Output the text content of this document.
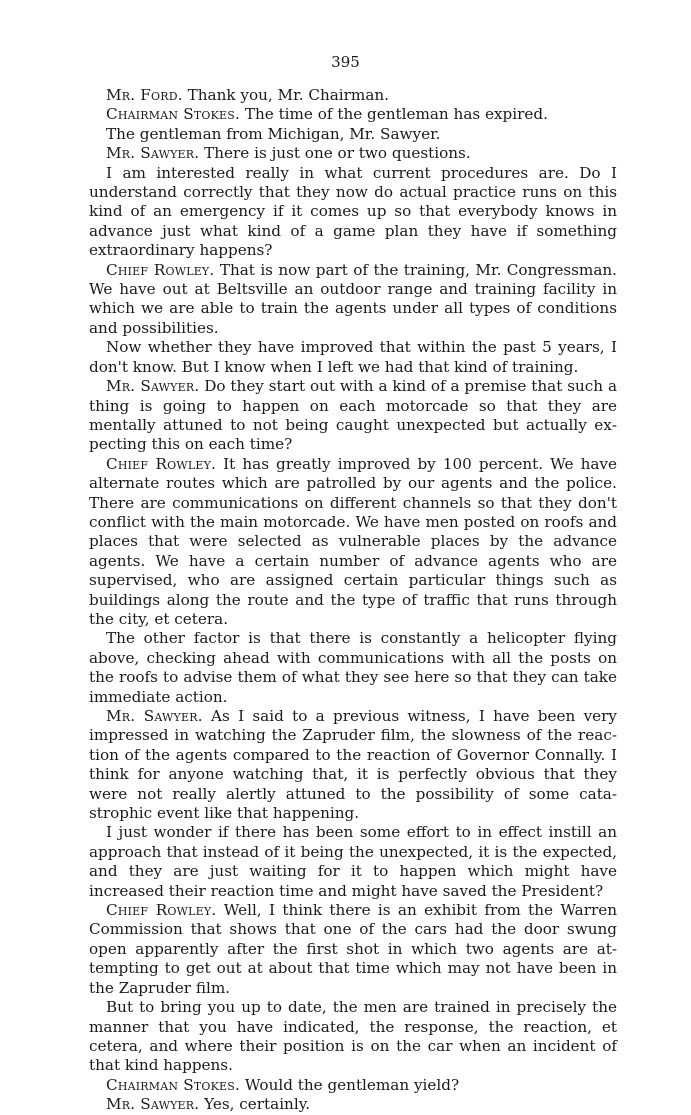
395

Mr. Ford. Thank you, Mr. Chairman.

Chairman Stokes. The time of the gentleman has expired.

The gentleman from Michigan, Mr. Sawyer.

Mr. Sawyer. There is just one or two questions.

I am interested really in what current procedures are. Do I understand correctly that they now do actual practice runs on this kind of an emergency if it comes up so that everybody knows in advance just what kind of a game plan they have if something extraordinary happens?

Chief Rowley. That is now part of the training, Mr. Congressman. We have out at Beltsville an outdoor range and training facility in which we are able to train the agents under all types of conditions and possibilities.

Now whether they have improved that within the past 5 years, I don't know. But I know when I left we had that kind of training.

Mr. Sawyer. Do they start out with a kind of a premise that such a thing is going to happen on each motorcade so that they are mentally attuned to not being caught unexpected but actually expecting this on each time?

Chief Rowley. It has greatly improved by 100 percent. We have alternate routes which are patrolled by our agents and the police. There are communications on different channels so that they don't conflict with the main motorcade. We have men posted on roofs and places that were selected as vulnerable places by the advance agents. We have a certain number of advance agents who are supervised, who are assigned certain particular things such as buildings along the route and the type of traffic that runs through the city, et cetera.

The other factor is that there is constantly a helicopter flying above, checking ahead with communications with all the posts on the roofs to advise them of what they see here so that they can take immediate action.

Mr. Sawyer. As I said to a previous witness, I have been very impressed in watching the Zapruder film, the slowness of the reaction of the agents compared to the reaction of Governor Connally. I think for anyone watching that, it is perfectly obvious that they were not really alertly attuned to the possibility of some catastrophic event like that happening.

I just wonder if there has been some effort to in effect instill an approach that instead of it being the unexpected, it is the expected, and they are just waiting for it to happen which might have increased their reaction time and might have saved the President?

Chief Rowley. Well, I think there is an exhibit from the Warren Commission that shows that one of the cars had the door swung open apparently after the first shot in which two agents are attempting to get out at about that time which may not have been in the Zapruder film.

But to bring you up to date, the men are trained in precisely the manner that you have indicated, the response, the reaction, et cetera, and where their position is on the car when an incident of that kind happens.

Chairman Stokes. Would the gentleman yield?

Mr. Sawyer. Yes, certainly.
